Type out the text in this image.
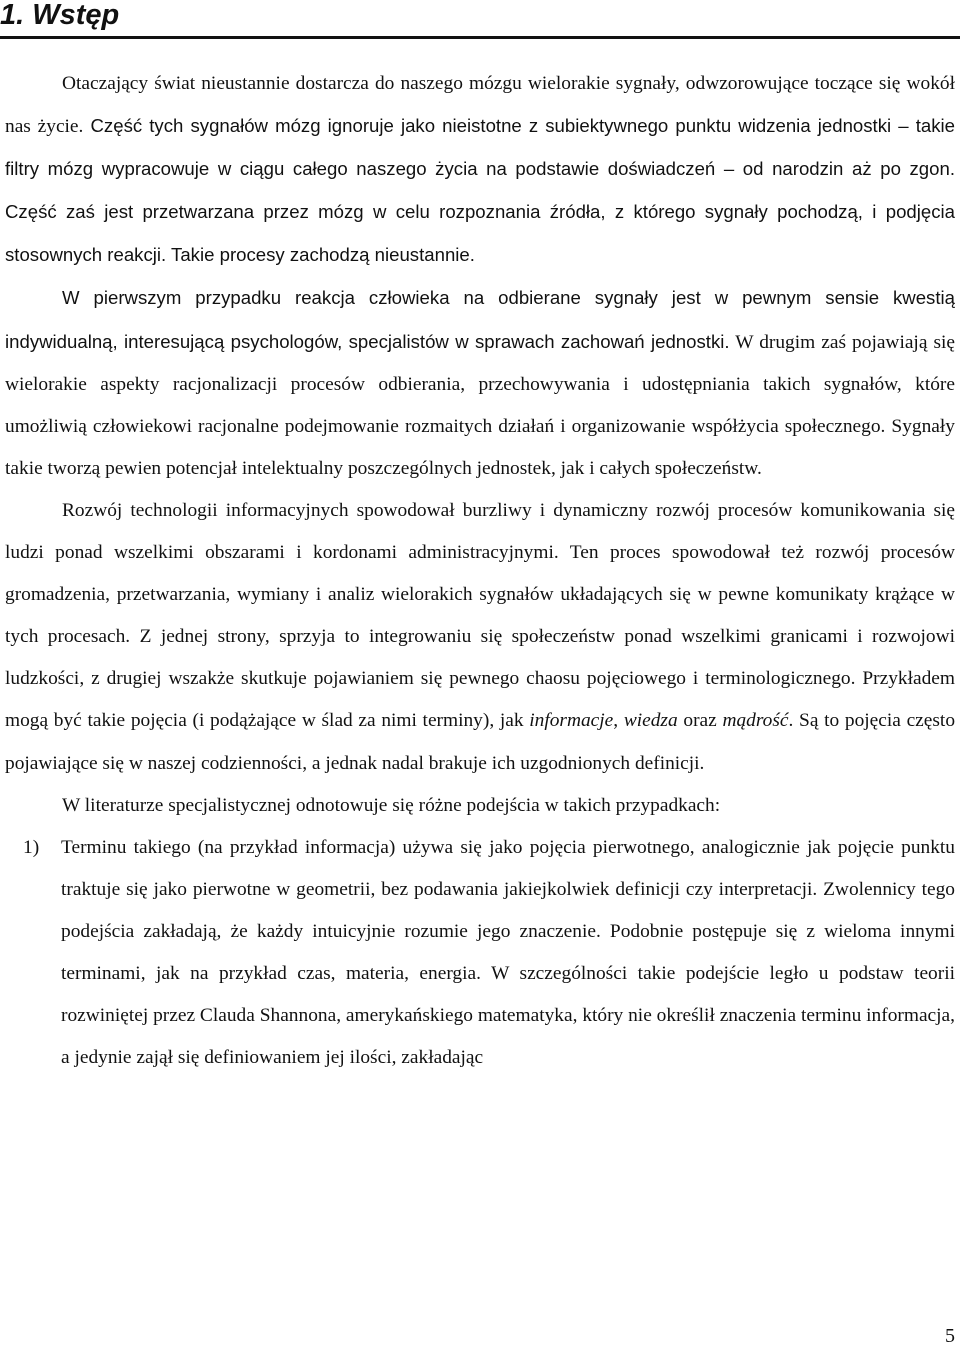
1. Wstęp

Otaczający świat nieustannie dostarcza do naszego mózgu wielorakie sygnały, odwzorowujące toczące się wokół nas życie. Część tych sygnałów mózg ignoruje jako nieistotne z subiektywnego punktu widzenia jednostki – takie filtry mózg wypracowuje w ciągu całego naszego życia na podstawie doświadczeń – od narodzin aż po zgon. Część zaś jest przetwarzana przez mózg w celu rozpoznania źródła, z którego sygnały pochodzą, i podjęcia stosownych reakcji. Takie procesy zachodzą nieustannie.

W pierwszym przypadku reakcja człowieka na odbierane sygnały jest w pewnym sensie kwestią indywidualną, interesującą psychologów, specjalistów w sprawach zachowań jednostki. W drugim zaś pojawiają się wielorakie aspekty racjonalizacji procesów odbierania, przechowywania i udostępniania takich sygnałów, które umożliwią człowiekowi racjonalne podejmowanie rozmaitych działań i organizowanie współżycia społecznego. Sygnały takie tworzą pewien potencjał intelektualny poszczególnych jednostek, jak i całych społeczeństw.

Rozwój technologii informacyjnych spowodował burzliwy i dynamiczny rozwój procesów komunikowania się ludzi ponad wszelkimi obszarami i kordonami administracyjnymi. Ten proces spowodował też rozwój procesów gromadzenia, przetwarzania, wymiany i analiz wielorakich sygnałów układających się w pewne komunikaty krążące w tych procesach. Z jednej strony, sprzyja to integrowaniu się społeczeństw ponad wszelkimi granicami i rozwojowi ludzkości, z drugiej wszakże skutkuje pojawianiem się pewnego chaosu pojęciowego i terminologicznego. Przykładem mogą być takie pojęcia (i podążające w ślad za nimi terminy), jak informacje, wiedza oraz mądrość. Są to pojęcia często pojawiające się w naszej codzienności, a jednak nadal brakuje ich uzgodnionych definicji.

W literaturze specjalistycznej odnotowuje się różne podejścia w takich przypadkach:

1) Terminu takiego (na przykład informacja) używa się jako pojęcia pierwotnego, analogicznie jak pojęcie punktu traktuje się jako pierwotne w geometrii, bez podawania jakiejkolwiek definicji czy interpretacji. Zwolennicy tego podejścia zakładają, że każdy intuicyjnie rozumie jego znaczenie. Podobnie postępuje się z wieloma innymi terminami, jak na przykład czas, materia, energia. W szczególności takie podejście legło u podstaw teorii rozwiniętej przez Clauda Shannona, amerykańskiego matematyka, który nie określił znaczenia terminu informacja, a jedynie zajął się definiowaniem jej ilości, zakładając
5
